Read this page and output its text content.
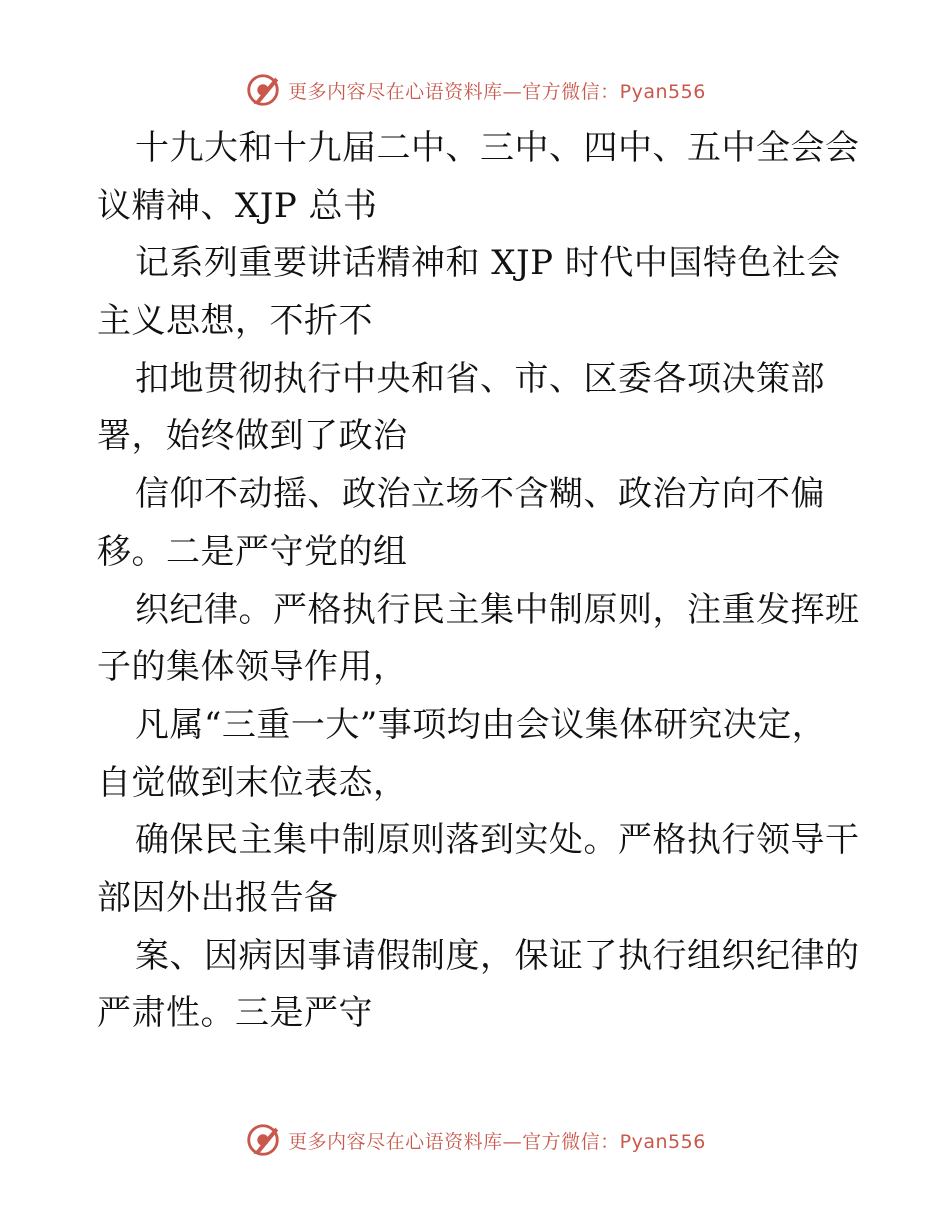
更多内容尽在心语资料库—官方微信：Pyan556
十九大和十九届二中、三中、四中、五中全会会
议精神、XJP 总书
记系列重要讲话精神和 XJP 时代中国特色社会
主义思想，不折不
扣地贯彻执行中央和省、市、区委各项决策部
署，始终做到了政治
信仰不动摇、政治立场不含糊、政治方向不偏
移。二是严守党的组
织纪律。严格执行民主集中制原则，注重发挥班
子的集体领导作用，
凡属“三重一大”事项均由会议集体研究决定，
自觉做到末位表态，
确保民主集中制原则落到实处。严格执行领导干
部因外出报告备
案、因病因事请假制度，保证了执行组织纪律的
严肃性。三是严守
更多内容尽在心语资料库—官方微信：Pyan556
